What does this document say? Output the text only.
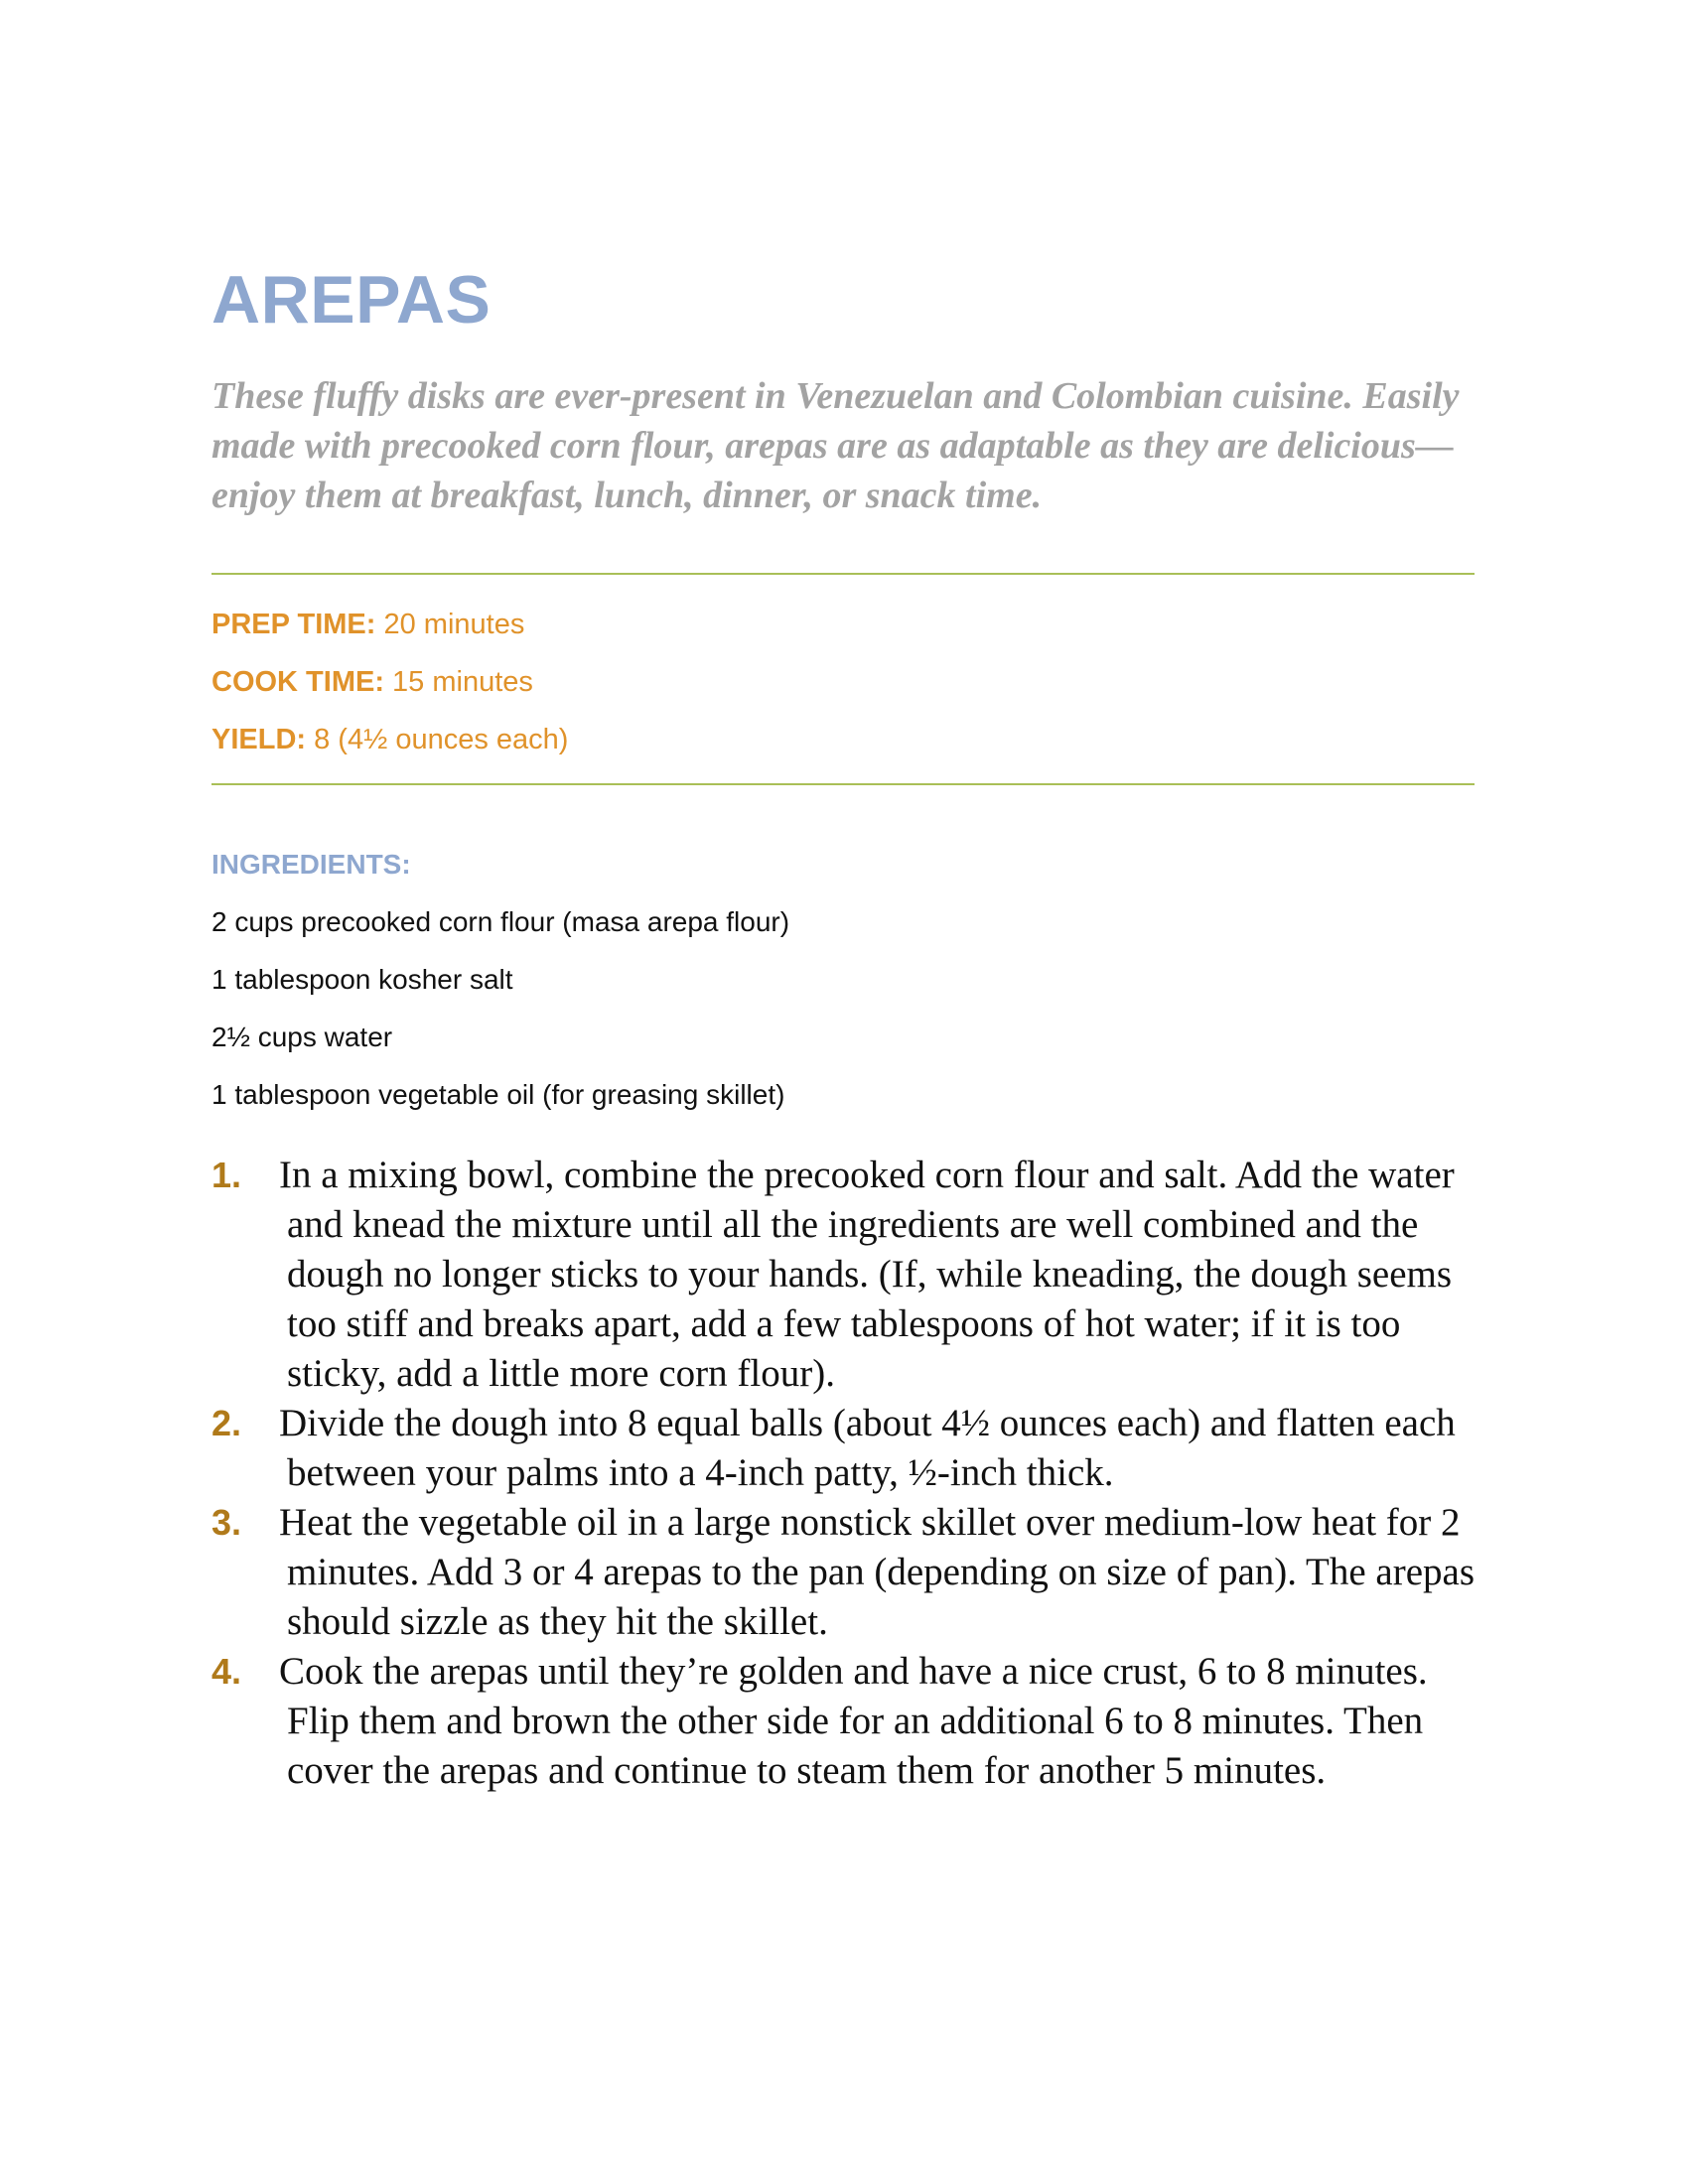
AREPAS
These fluffy disks are ever-present in Venezuelan and Colombian cuisine. Easily made with precooked corn flour, arepas are as adaptable as they are delicious—enjoy them at breakfast, lunch, dinner, or snack time.
PREP TIME: 20 minutes
COOK TIME: 15 minutes
YIELD: 8 (4½ ounces each)
INGREDIENTS:
2 cups precooked corn flour (masa arepa flour)
1 tablespoon kosher salt
2½ cups water
1 tablespoon vegetable oil (for greasing skillet)
1. In a mixing bowl, combine the precooked corn flour and salt. Add the water and knead the mixture until all the ingredients are well combined and the dough no longer sticks to your hands. (If, while kneading, the dough seems too stiff and breaks apart, add a few tablespoons of hot water; if it is too sticky, add a little more corn flour).
2. Divide the dough into 8 equal balls (about 4½ ounces each) and flatten each between your palms into a 4-inch patty, ½-inch thick.
3. Heat the vegetable oil in a large nonstick skillet over medium-low heat for 2 minutes. Add 3 or 4 arepas to the pan (depending on size of pan). The arepas should sizzle as they hit the skillet.
4. Cook the arepas until they’re golden and have a nice crust, 6 to 8 minutes. Flip them and brown the other side for an additional 6 to 8 minutes. Then cover the arepas and continue to steam them for another 5 minutes.
